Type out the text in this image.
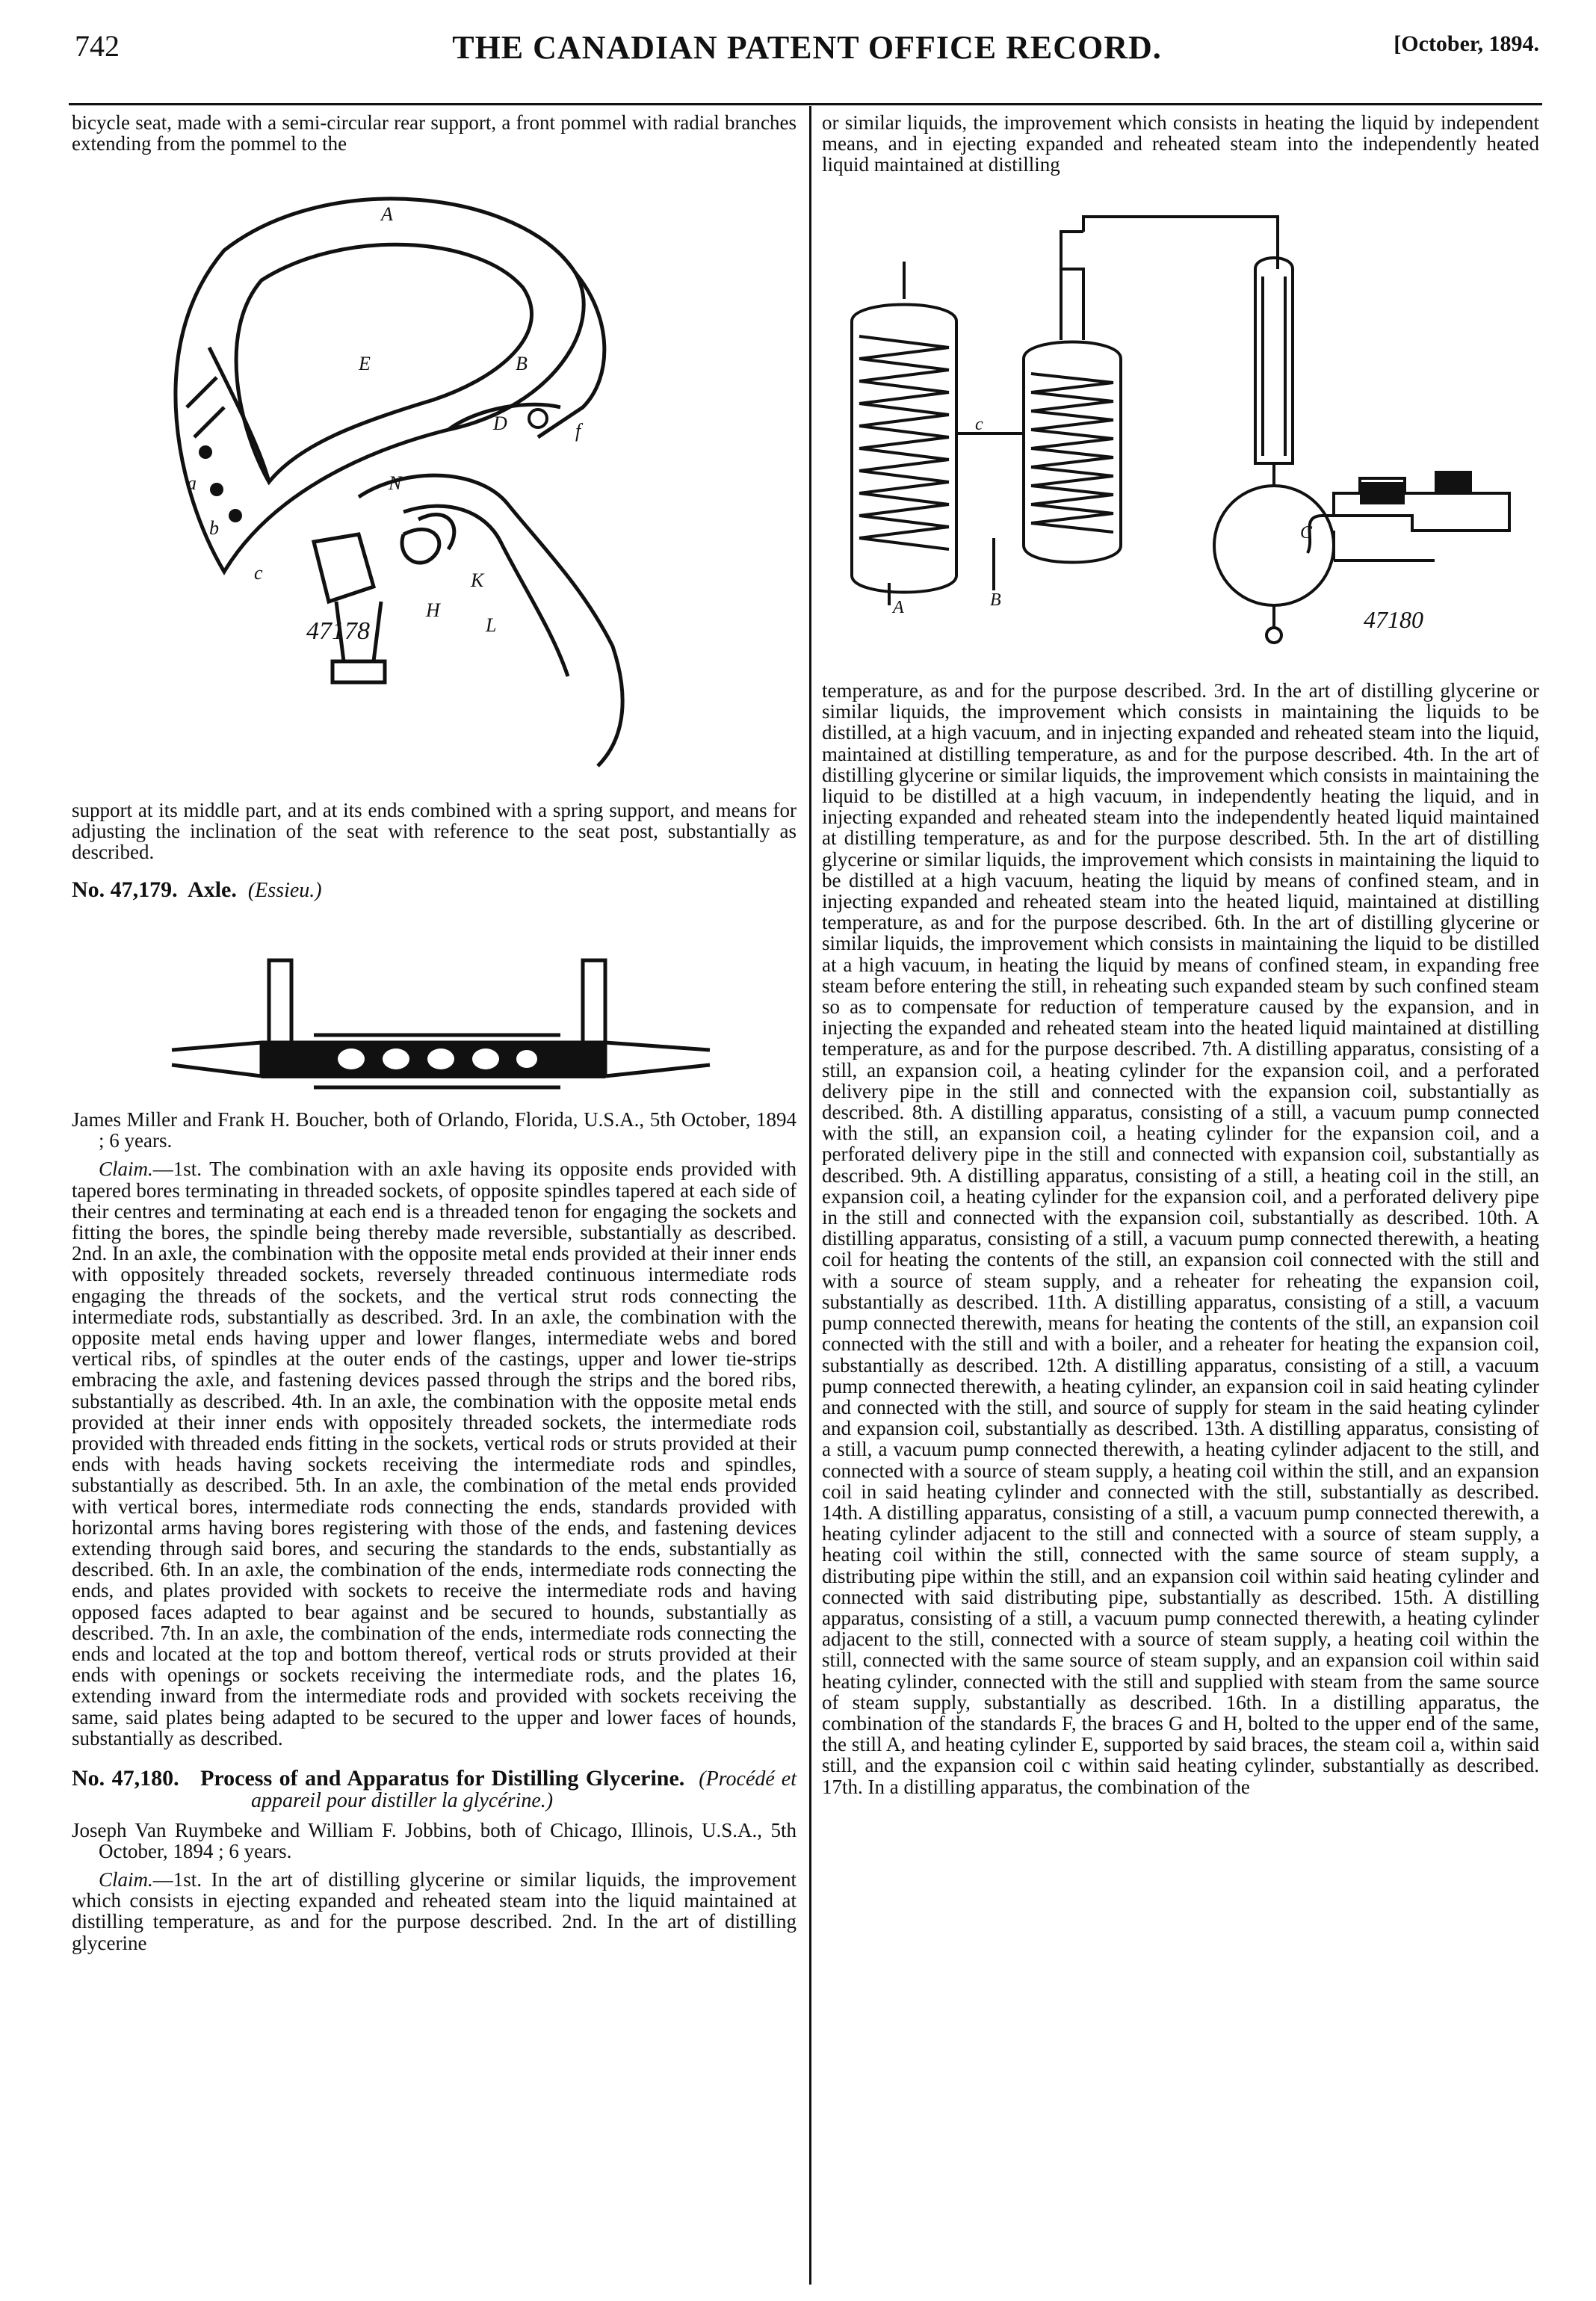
742	THE CANADIAN PATENT OFFICE RECORD.	[October, 1894.

bicycle seat, made with a semi-circular rear support, a front pommel with radial branches extending from the pommel to the

A
B
E
D
c
a
b
N
f
H
L
K
47178

support at its middle part, and at its ends combined with a spring support, and means for adjusting the inclination of the seat with reference to the seat post, substantially as described.

No. 47,179. Axle. (Essieu.)

James Miller and Frank H. Boucher, both of Orlando, Florida, U.S.A., 5th October, 1894 ; 6 years.

Claim.—1st. The combination with an axle having its opposite ends provided with tapered bores terminating in threaded sockets, of opposite spindles tapered at each side of their centres and terminating at each end is a threaded tenon for engaging the sockets and fitting the bores, the spindle being thereby made reversible, substantially as described. 2nd. In an axle, the combination with the opposite metal ends provided at their inner ends with oppositely threaded sockets, reversely threaded continuous intermediate rods engaging the threads of the sockets, and the vertical strut rods connecting the intermediate rods, substantially as described. 3rd. In an axle, the combination with the opposite metal ends having upper and lower flanges, intermediate webs and bored vertical ribs, of spindles at the outer ends of the castings, upper and lower tie-strips embracing the axle, and fastening devices passed through the strips and the bored ribs, substantially as described. 4th. In an axle, the combination with the opposite metal ends provided at their inner ends with oppositely threaded sockets, the intermediate rods provided with threaded ends fitting in the sockets, vertical rods or struts provided at their ends with heads having sockets receiving the intermediate rods and spindles, substantially as described. 5th. In an axle, the combination of the metal ends provided with vertical bores, intermediate rods connecting the ends, standards provided with horizontal arms having bores registering with those of the ends, and fastening devices extending through said bores, and securing the standards to the ends, substantially as described. 6th. In an axle, the combination of the ends, intermediate rods connecting the ends, and plates provided with sockets to receive the intermediate rods and having opposed faces adapted to bear against and be secured to hounds, substantially as described. 7th. In an axle, the combination of the ends, intermediate rods connecting the ends and located at the top and bottom thereof, vertical rods or struts provided at their ends with openings or sockets receiving the intermediate rods, and the plates 16, extending inward from the intermediate rods and provided with sockets receiving the same, said plates being adapted to be secured to the upper and lower faces of hounds, substantially as described.

No. 47,180. Process of and Apparatus for Distilling Glycerine. (Procédé et appareil pour distiller la glycérine.)

Joseph Van Ruymbeke and William F. Jobbins, both of Chicago, Illinois, U.S.A., 5th October, 1894 ; 6 years.

Claim.—1st. In the art of distilling glycerine or similar liquids, the improvement which consists in ejecting expanded and reheated steam into the liquid maintained at distilling temperature, as and for the purpose described. 2nd. In the art of distilling glycerine

or similar liquids, the improvement which consists in heating the liquid by independent means, and in ejecting expanded and reheated steam into the independently heated liquid maintained at distilling

c
C
A	B
47180

temperature, as and for the purpose described. 3rd. In the art of distilling glycerine or similar liquids, the improvement which consists in maintaining the liquids to be distilled, at a high vacuum, and in injecting expanded and reheated steam into the liquid, maintained at distilling temperature, as and for the purpose described. 4th. In the art of distilling glycerine or similar liquids, the improvement which consists in maintaining the liquid to be distilled at a high vacuum, in independently heating the liquid, and in injecting expanded and reheated steam into the independently heated liquid maintained at distilling temperature, as and for the purpose described. 5th. In the art of distilling glycerine or similar liquids, the improvement which consists in maintaining the liquid to be distilled at a high vacuum, heating the liquid by means of confined steam, and in injecting expanded and reheated steam into the heated liquid, maintained at distilling temperature, as and for the purpose described. 6th. In the art of distilling glycerine or similar liquids, the improvement which consists in maintaining the liquid to be distilled at a high vacuum, in heating the liquid by means of confined steam, in expanding free steam before entering the still, in reheating such expanded steam by such confined steam so as to compensate for reduction of temperature caused by the expansion, and in injecting the expanded and reheated steam into the heated liquid maintained at distilling temperature, as and for the purpose described. 7th. A distilling apparatus, consisting of a still, an expansion coil, a heating cylinder for the expansion coil, and a perforated delivery pipe in the still and connected with the expansion coil, substantially as described. 8th. A distilling apparatus, consisting of a still, a vacuum pump connected with the still, an expansion coil, a heating cylinder for the expansion coil, and a perforated delivery pipe in the still and connected with expansion coil, substantially as described. 9th. A distilling apparatus, consisting of a still, a heating coil in the still, an expansion coil, a heating cylinder for the expansion coil, and a perforated delivery pipe in the still and connected with the expansion coil, substantially as described. 10th. A distilling apparatus, consisting of a still, a vacuum pump connected therewith, a heating coil for heating the contents of the still, an expansion coil connected with the still and with a source of steam supply, and a reheater for reheating the expansion coil, substantially as described. 11th. A distilling apparatus, consisting of a still, a vacuum pump connected therewith, means for heating the contents of the still, an expansion coil connected with the still and with a boiler, and a reheater for heating the expansion coil, substantially as described. 12th. A distilling apparatus, consisting of a still, a vacuum pump connected therewith, a heating cylinder, an expansion coil in said heating cylinder and connected with the still, and source of supply for steam in the said heating cylinder and expansion coil, substantially as described. 13th. A distilling apparatus, consisting of a still, a vacuum pump connected therewith, a heating cylinder adjacent to the still, and connected with a source of steam supply, a heating coil within the still, and an expansion coil in said heating cylinder and connected with the still, substantially as described. 14th. A distilling apparatus, consisting of a still, a vacuum pump connected therewith, a heating cylinder adjacent to the still and connected with a source of steam supply, a heating coil within the still, connected with the same source of steam supply, a distributing pipe within the still, and an expansion coil within said heating cylinder and connected with said distributing pipe, substantially as described. 15th. A distilling apparatus, consisting of a still, a vacuum pump connected therewith, a heating cylinder adjacent to the still, connected with a source of steam supply, a heating coil within the still, connected with the same source of steam supply, and an expansion coil within said heating cylinder, connected with the still and supplied with steam from the same source of steam supply, substantially as described. 16th. In a distilling apparatus, the combination of the standards F, the braces G and H, bolted to the upper end of the same, the still A, and heating cylinder E, supported by said braces, the steam coil a, within said still, and the expansion coil c within said heating cylinder, substantially as described. 17th. In a distilling apparatus, the combination of the
